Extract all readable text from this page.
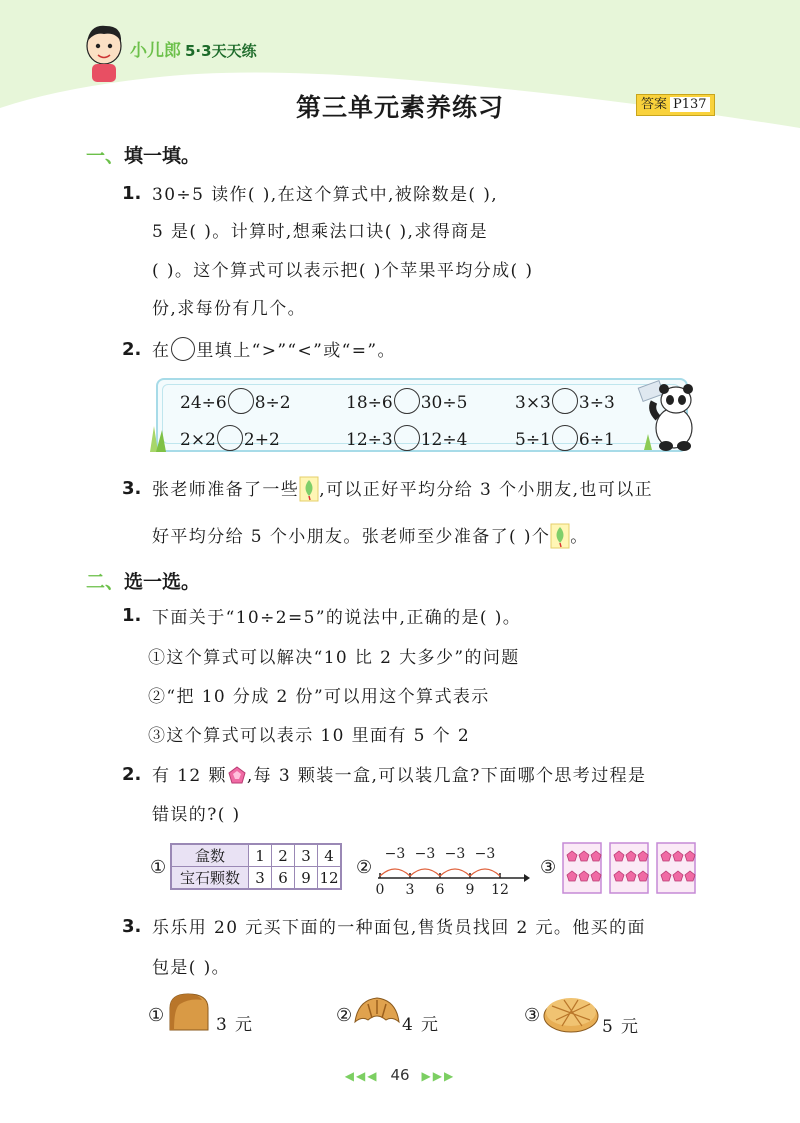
小儿郎 5·3天天练
第三单元素养练习	答案 P137
一、填一填。
1. 30÷5 读作( ),在这个算式中,被除数是( ),
5 是( )。计算时,想乘法口诀( ),求得商是
( )。这个算式可以表示把( )个苹果平均分成( )
份,求每份有几个。
2. 在 里填上“>”“<”或“=”。
24÷6 8÷2	18÷6 30÷5	3×3 3÷3
2×2 2+2	12÷3 12÷4	5÷1 6÷1
3. 张老师准备了一些 ,可以正好平均分给 3 个小朋友,也可以正
好平均分给 5 个小朋友。张老师至少准备了( )个 。
二、选一选。
1. 下面关于“10÷2=5”的说法中,正确的是( )。
①这个算式可以解决“10 比 2 大多少”的问题
②“把 10 分成 2 份”可以用这个算式表示
③这个算式可以表示 10 里面有 5 个 2
2. 有 12 颗 ,每 3 颗装一盒,可以装几盒?下面哪个思考过程是
错误的?( )
①
盒数	1	2	3	4
宝石颗数	3	6	9	12 ②
−3 −3 −3 −3
0 3 6 9 12
③
3. 乐乐用 20 元买下面的一种面包,售货员找回 2 元。他买的面
包是( )。
①	3 元	②	4 元	③
5 元
◀◀◀ 46 ▶▶▶
